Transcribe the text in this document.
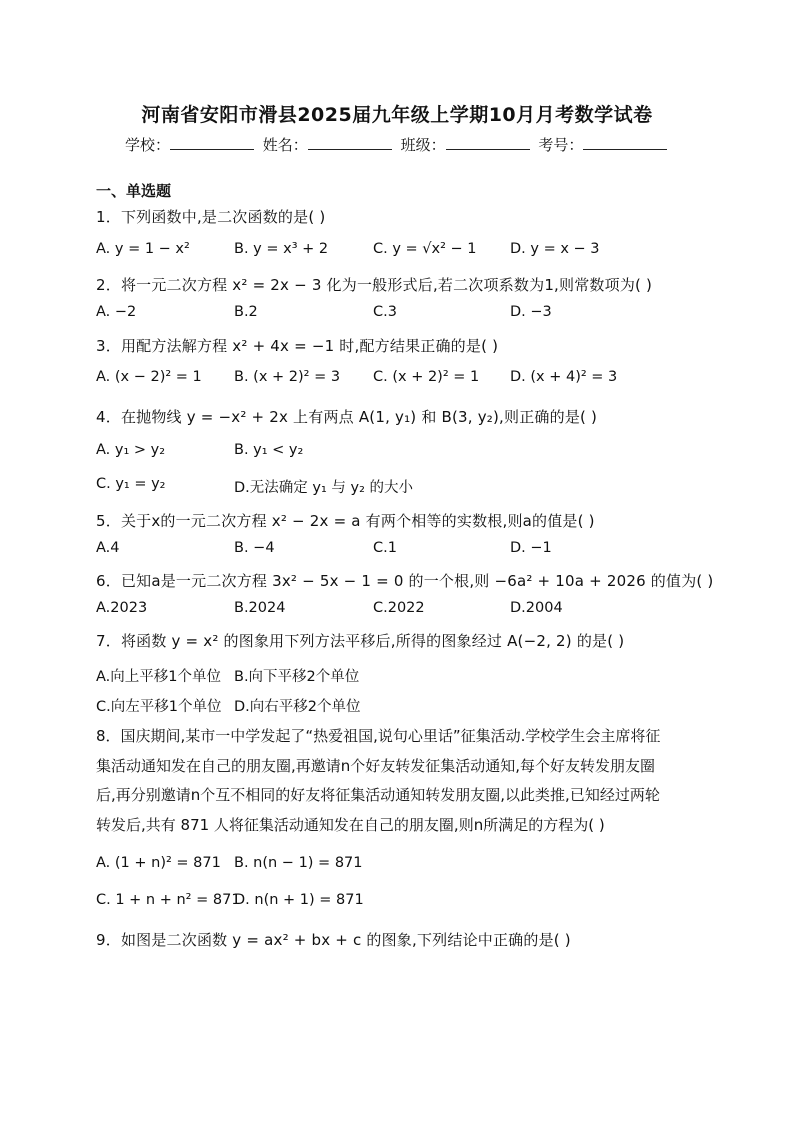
河南省安阳市滑县2025届九年级上学期10月月考数学试卷
学校：	姓名：	班级：	考号：
一、单选题
1．下列函数中,是二次函数的是( )
A. y = 1 − x²	B. y = x³ + 2	C. y = √x² − 1 D. y = x − 3
2．将一元二次方程 x² = 2x − 3 化为一般形式后,若二次项系数为1,则常数项为( )
A. −2	B.2	C.3	D. −3
3．用配方法解方程 x² + 4x = −1 时,配方结果正确的是( )
A. (x − 2)² = 1 B. (x + 2)² = 3 C. (x + 2)² = 1 D. (x + 4)² = 3
4．在抛物线 y = −x² + 2x 上有两点 A(1, y₁) 和 B(3, y₂),则正确的是( )
A. y₁ > y₂	B. y₁ < y₂
C. y₁ = y₂	D.无法确定 y₁ 与 y₂ 的大小
5．关于x的一元二次方程 x² − 2x = a 有两个相等的实数根,则a的值是( )
A.4	B. −4	C.1	D. −1
6．已知a是一元二次方程 3x² − 5x − 1 = 0 的一个根,则 −6a² + 10a + 2026 的值为( )
A.2023	B.2024	C.2022	D.2004
7．将函数 y = x² 的图象用下列方法平移后,所得的图象经过 A(−2, 2) 的是( )
A.向上平移1个单位 B.向下平移2个单位
C.向左平移1个单位 D.向右平移2个单位
8．国庆期间,某市一中学发起了“热爱祖国,说句心里话”征集活动.学校学生会主席将征
集活动通知发在自己的朋友圈,再邀请n个好友转发征集活动通知,每个好友转发朋友圈
后,再分别邀请n个互不相同的好友将征集活动通知转发朋友圈,以此类推,已知经过两轮
转发后,共有 871 人将征集活动通知发在自己的朋友圈,则n所满足的方程为( )
A. (1 + n)² = 871 B. n(n − 1) = 871
C. 1 + n + n² = 871
D. n(n + 1) = 871
9．如图是二次函数 y = ax² + bx + c 的图象,下列结论中正确的是( )
